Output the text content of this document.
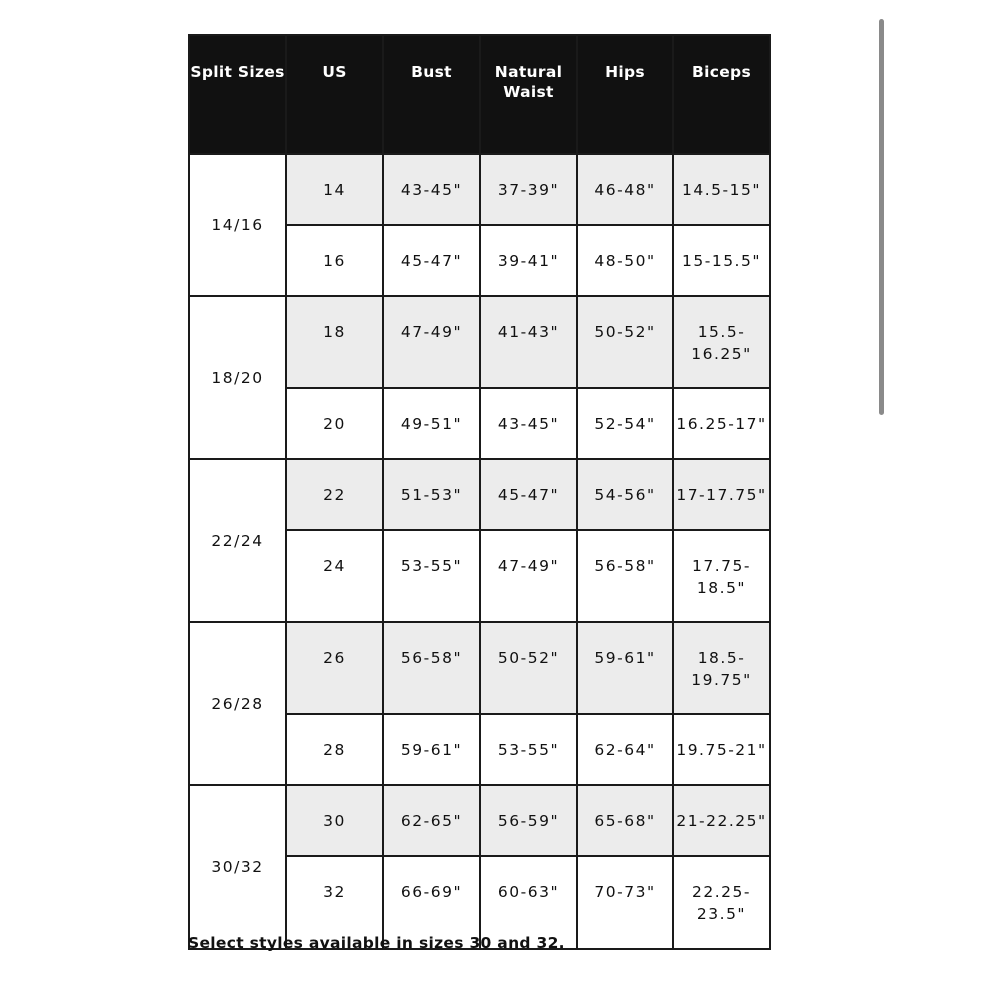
Split Sizes	US	Bust	Natural Waist	Hips	Biceps
14/16	14	43-45"	37-39"	46-48"	14.5-15"
	16	45-47"	39-41"	48-50"	15-15.5"
18/20	18	47-49"	41-43"	50-52"	15.5-16.25"
	20	49-51"	43-45"	52-54"	16.25-17"
22/24	22	51-53"	45-47"	54-56"	17-17.75"
	24	53-55"	47-49"	56-58"	17.75-18.5"
26/28	26	56-58"	50-52"	59-61"	18.5-19.75"
	28	59-61"	53-55"	62-64"	19.75-21"
30/32	30	62-65"	56-59"	65-68"	21-22.25"
	32	66-69"	60-63"	70-73"	22.25-23.5"
Select styles available in sizes 30 and 32.
